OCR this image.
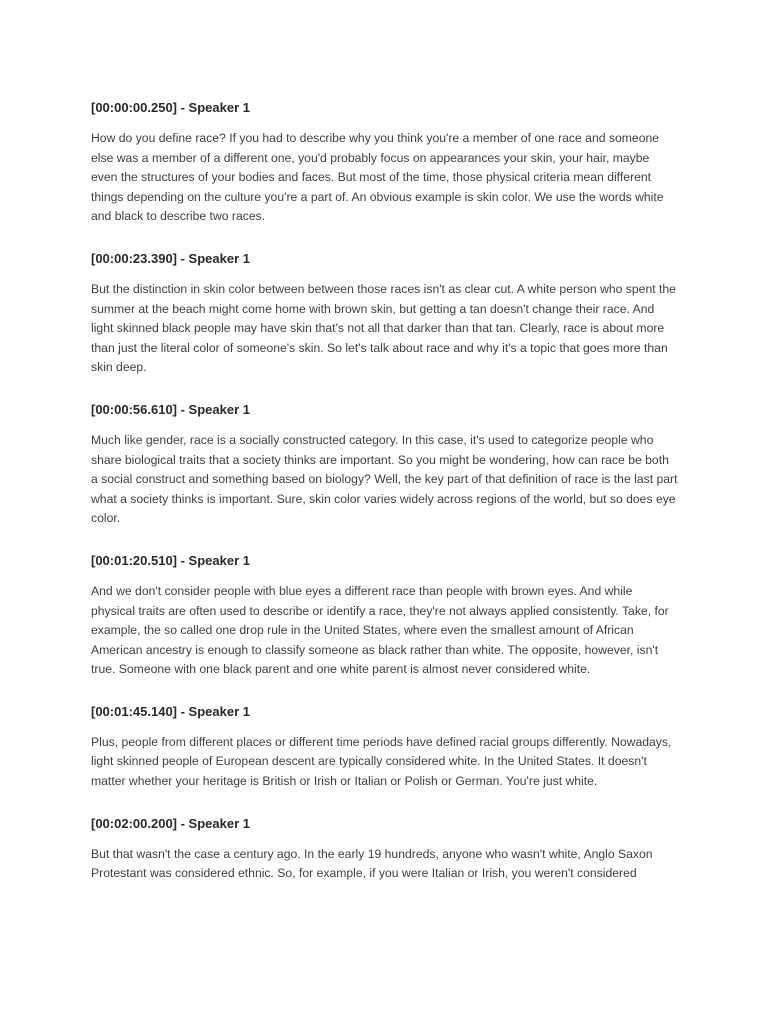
[00:00:00.250] - Speaker 1

How do you define race? If you had to describe why you think you're a member of one race and someone else was a member of a different one, you'd probably focus on appearances your skin, your hair, maybe even the structures of your bodies and faces. But most of the time, those physical criteria mean different things depending on the culture you're a part of. An obvious example is skin color. We use the words white and black to describe two races.

[00:00:23.390] - Speaker 1

But the distinction in skin color between between those races isn't as clear cut. A white person who spent the summer at the beach might come home with brown skin, but getting a tan doesn't change their race. And light skinned black people may have skin that's not all that darker than that tan. Clearly, race is about more than just the literal color of someone's skin. So let's talk about race and why it's a topic that goes more than skin deep.

[00:00:56.610] - Speaker 1

Much like gender, race is a socially constructed category. In this case, it's used to categorize people who share biological traits that a society thinks are important. So you might be wondering, how can race be both a social construct and something based on biology? Well, the key part of that definition of race is the last part what a society thinks is important. Sure, skin color varies widely across regions of the world, but so does eye color.

[00:01:20.510] - Speaker 1

And we don't consider people with blue eyes a different race than people with brown eyes. And while physical traits are often used to describe or identify a race, they're not always applied consistently. Take, for example, the so called one drop rule in the United States, where even the smallest amount of African American ancestry is enough to classify someone as black rather than white. The opposite, however, isn't true. Someone with one black parent and one white parent is almost never considered white.

[00:01:45.140] - Speaker 1

Plus, people from different places or different time periods have defined racial groups differently. Nowadays, light skinned people of European descent are typically considered white. In the United States. It doesn't matter whether your heritage is British or Irish or Italian or Polish or German. You're just white.

[00:02:00.200] - Speaker 1

But that wasn't the case a century ago. In the early 19 hundreds, anyone who wasn't white, Anglo Saxon Protestant was considered ethnic. So, for example, if you were Italian or Irish, you weren't considered
